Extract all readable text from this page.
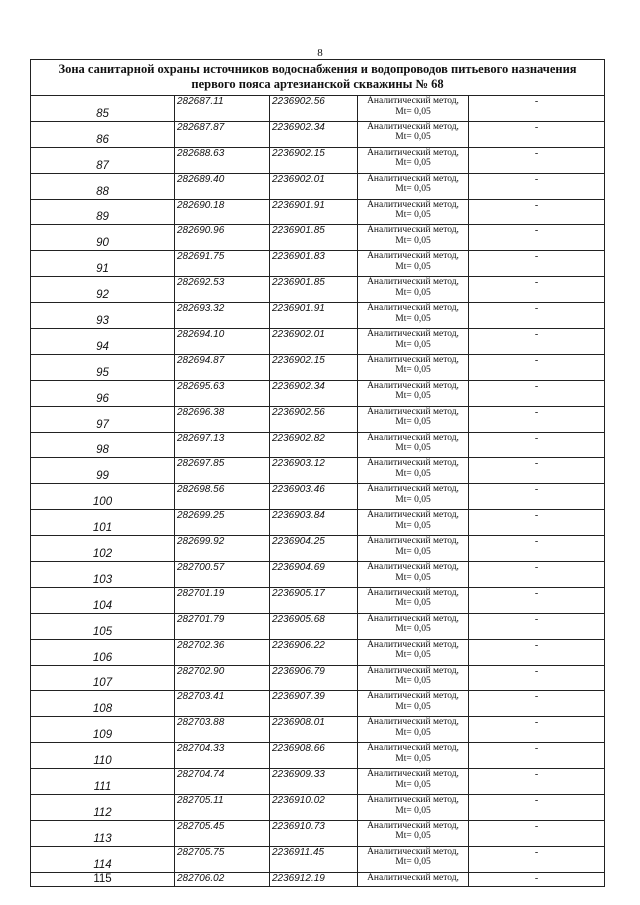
8
Зона санитарной охраны источников водоснабжения и водопроводов питьевого назначения
первого пояса артезианской скважины № 68				

85	282687.11	2236902.56	Аналитический метод,
Mt= 0,05	-
86	282687.87	2236902.34	Аналитический метод,
Mt= 0,05	-
87	282688.63	2236902.15	Аналитический метод,
Mt= 0,05	-
88	282689.40	2236902.01	Аналитический метод,
Mt= 0,05	-
89	282690.18	2236901.91	Аналитический метод,
Mt= 0,05	-
90	282690.96	2236901.85	Аналитический метод,
Mt= 0,05	-
91	282691.75	2236901.83	Аналитический метод,
Mt= 0,05	-
92	282692.53	2236901.85	Аналитический метод,
Mt= 0,05	-
93	282693.32	2236901.91	Аналитический метод,
Mt= 0,05	-
94	282694.10	2236902.01	Аналитический метод,
Mt= 0,05	-
95	282694.87	2236902.15	Аналитический метод,
Mt= 0,05	-
96	282695.63	2236902.34	Аналитический метод,
Mt= 0,05	-
97	282696.38	2236902.56	Аналитический метод,
Mt= 0,05	-
98	282697.13	2236902.82	Аналитический метод,
Mt= 0,05	-
99	282697.85	2236903.12	Аналитический метод,
Mt= 0,05	-
100	282698.56	2236903.46	Аналитический метод,
Mt= 0,05	-
101	282699.25	2236903.84	Аналитический метод,
Mt= 0,05	-
102	282699.92	2236904.25	Аналитический метод,
Mt= 0,05	-
103	282700.57	2236904.69	Аналитический метод,
Mt= 0,05	-
104	282701.19	2236905.17	Аналитический метод,
Mt= 0,05	-
105	282701.79	2236905.68	Аналитический метод,
Mt= 0,05	-
106	282702.36	2236906.22	Аналитический метод,
Mt= 0,05	-
107	282702.90	2236906.79	Аналитический метод,
Mt= 0,05	-
108	282703.41	2236907.39	Аналитический метод,
Mt= 0,05	-
109	282703.88	2236908.01	Аналитический метод,
Mt= 0,05	-
110	282704.33	2236908.66	Аналитический метод,
Mt= 0,05	-
111	282704.74	2236909.33	Аналитический метод,
Mt= 0,05	-
112	282705.11	2236910.02	Аналитический метод,
Mt= 0,05	-
113	282705.45	2236910.73	Аналитический метод,
Mt= 0,05	-
114	282705.75	2236911.45	Аналитический метод,
Mt= 0,05	-
115	282706.02	2236912.19	Аналитический метод,	-
